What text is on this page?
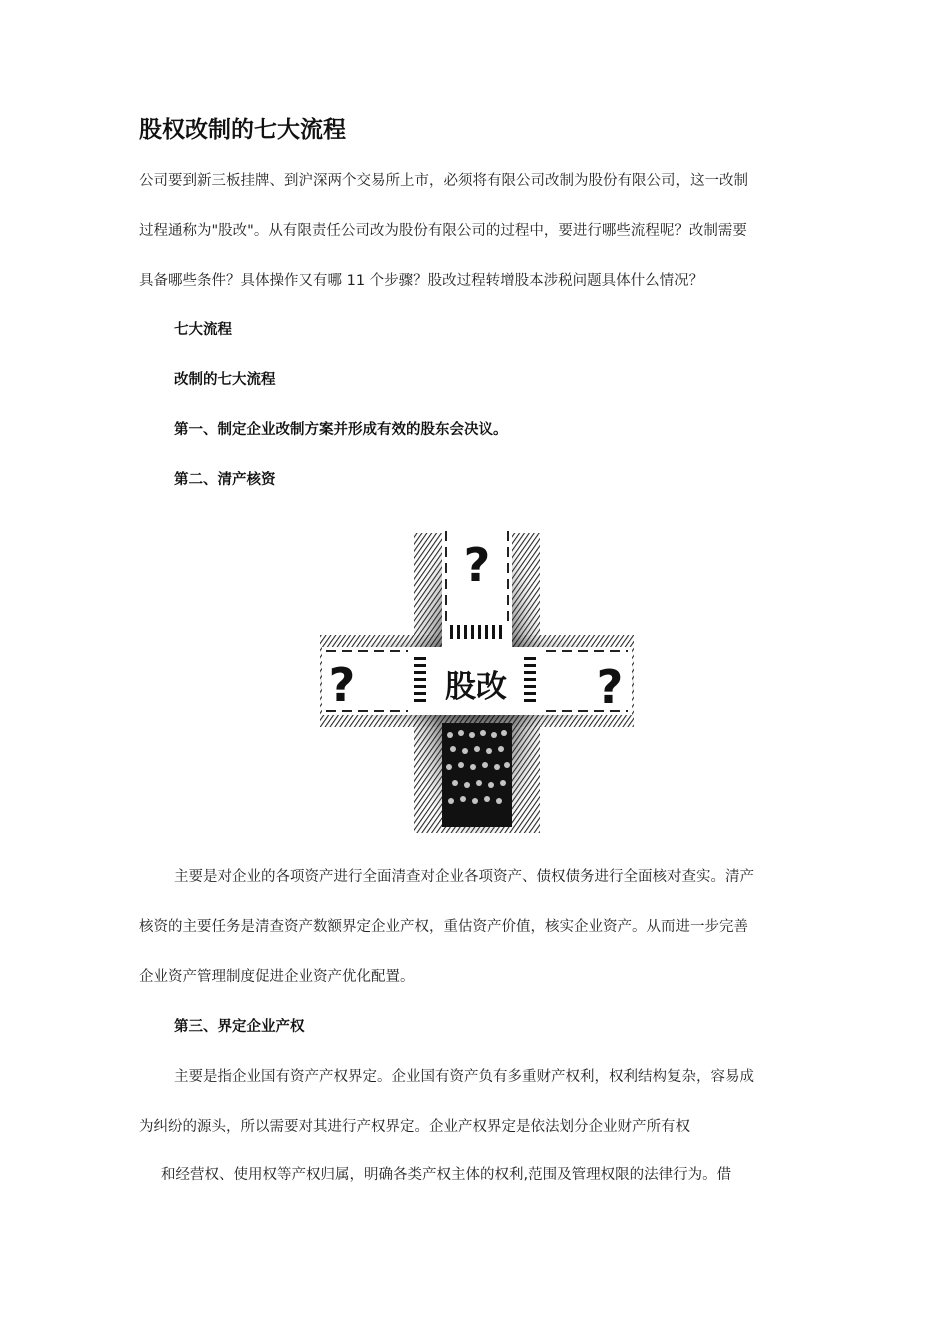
股权改制的七大流程
公司要到新三板挂牌、到沪深两个交易所上市，必须将有限公司改制为股份有限公司，这一改制
过程通称为"股改"。从有限责任公司改为股份有限公司的过程中，要进行哪些流程呢？改制需要
具备哪些条件？具体操作又有哪 11 个步骤？股改过程转增股本涉税问题具体什么情况？
七大流程
改制的七大流程
第一、制定企业改制方案并形成有效的股东会决议。
第二、清产核资
?
?	?
股改
主要是对企业的各项资产进行全面清查对企业各项资产、债权债务进行全面核对查实。清产
核资的主要任务是清查资产数额界定企业产权，重估资产价值，核实企业资产。从而进一步完善
企业资产管理制度促进企业资产优化配置。
第三、界定企业产权
主要是指企业国有资产产权界定。企业国有资产负有多重财产权利，权利结构复杂，容易成
为纠纷的源头，所以需要对其进行产权界定。企业产权界定是依法划分企业财产所有权
和经营权、使用权等产权归属，明确各类产权主体的权利,范围及管理权限的法律行为。借
